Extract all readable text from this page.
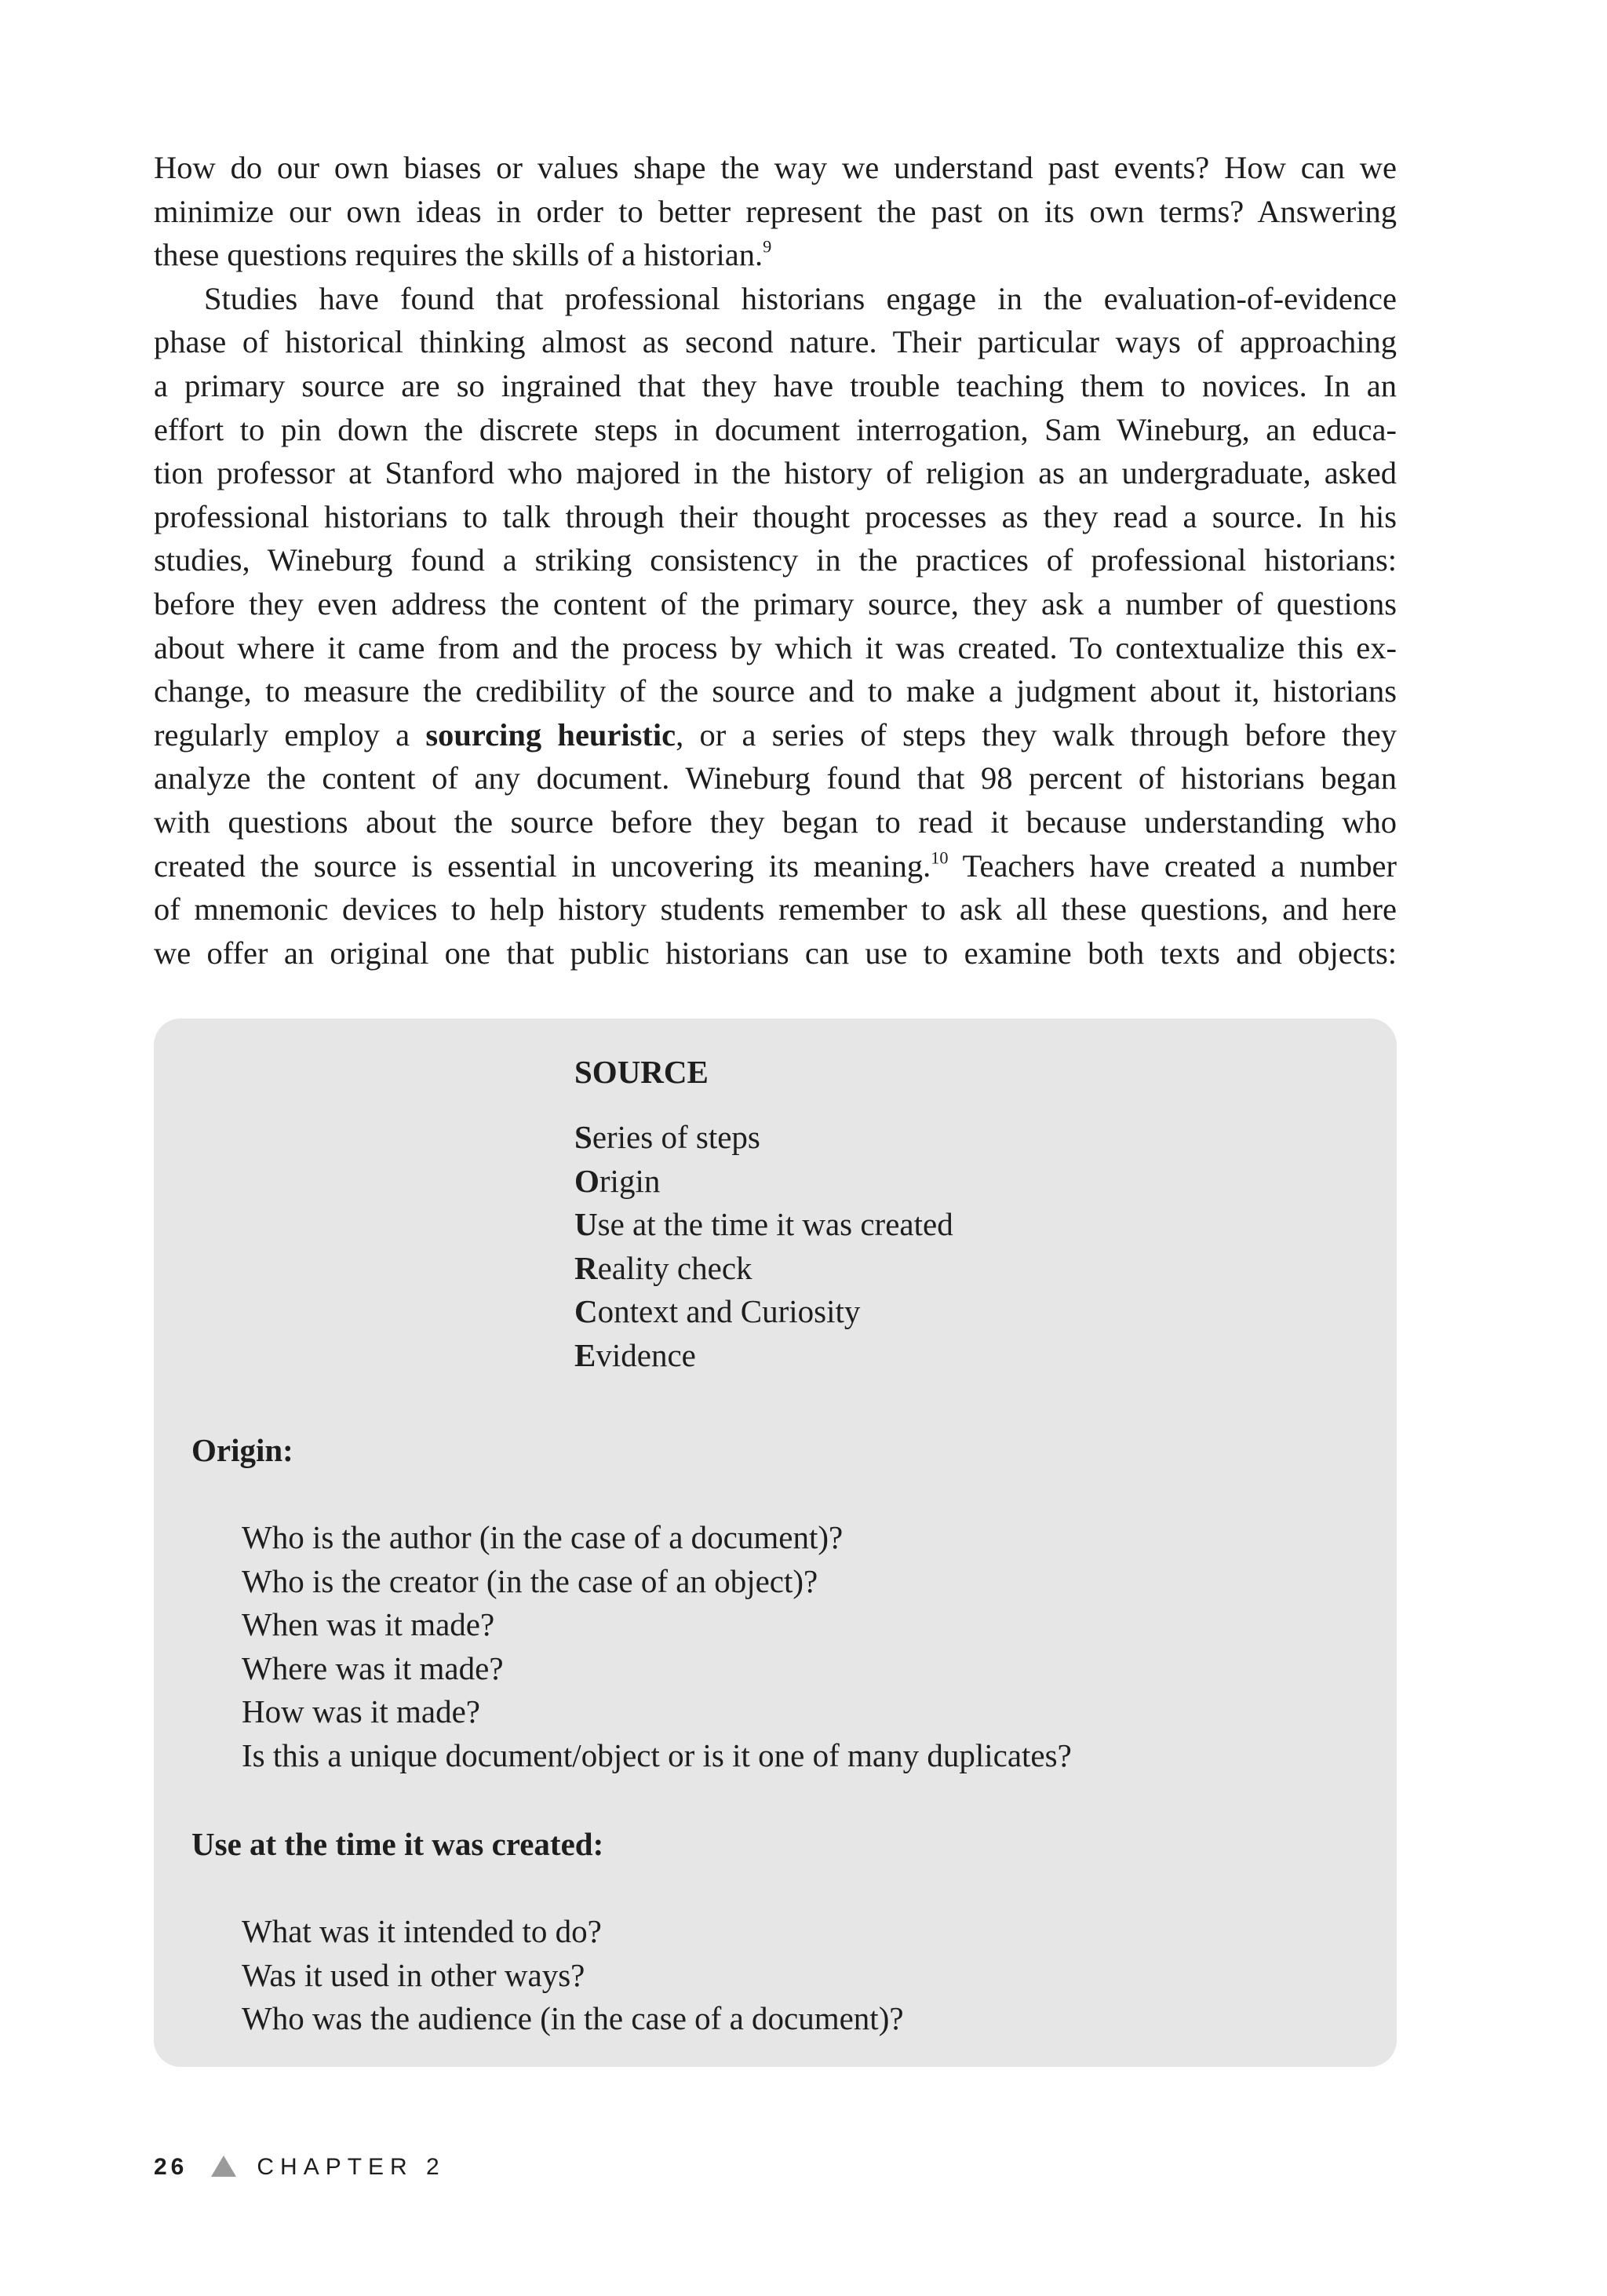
How do our own biases or values shape the way we understand past events? How can we
minimize our own ideas in order to better represent the past on its own terms? Answering
these questions requires the skills of a historian.$^9$
Studies have found that professional historians engage in the evaluation-of-evidence
phase of historical thinking almost as second nature. Their particular ways of approaching
a primary source are so ingrained that they have trouble teaching them to novices. In an
effort to pin down the discrete steps in document interrogation, Sam Wineburg, an educa-
tion professor at Stanford who majored in the history of religion as an undergraduate, asked
professional historians to talk through their thought processes as they read a source. In his
studies, Wineburg found a striking consistency in the practices of professional historians:
before they even address the content of the primary source, they ask a number of questions
about where it came from and the process by which it was created. To contextualize this ex-
change, to measure the credibility of the source and to make a judgment about it, historians
regularly employ a sourcing heuristic, or a series of steps they walk through before they
analyze the content of any document. Wineburg found that 98 percent of historians began
with questions about the source before they began to read it because understanding who
created the source is essential in uncovering its meaning.$^{10}$ Teachers have created a number
of mnemonic devices to help history students remember to ask all these questions, and here
we offer an original one that public historians can use to examine both texts and objects:
SOURCE
Series of steps
Origin
Use at the time it was created
Reality check
Context and Curiosity
Evidence
Origin:
Who is the author (in the case of a document)?
Who is the creator (in the case of an object)?
When was it made?
Where was it made?
How was it made?
Is this a unique document/object or is it one of many duplicates?
Use at the time it was created:
What was it intended to do?
Was it used in other ways?
Who was the audience (in the case of a document)?
26	CHAPTER 2
